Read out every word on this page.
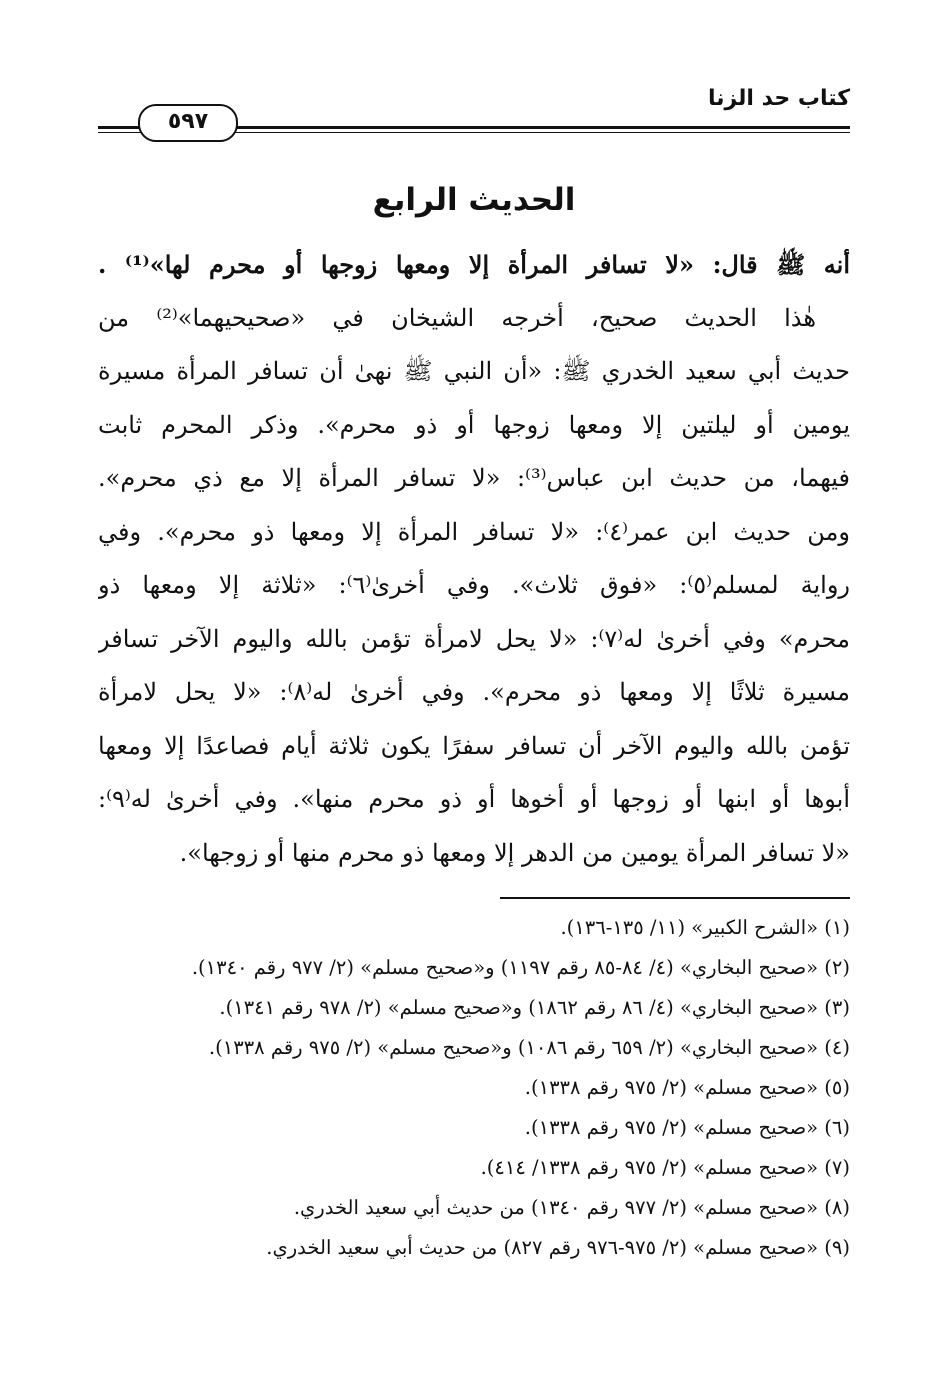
كتاب حد الزنا
٥٩٧
الحديث الرابع
أنه ﷺ قال: «لا تسافر المرأة إلا ومعها زوجها أو محرم لها»⁽¹⁾ .
هٰذا الحديث صحيح، أخرجه الشيخان في «صحيحيهما»⁽²⁾ من
حديث أبي سعيد الخدري ﷺ: «أن النبي ﷺ نهىٰ أن تسافر المرأة مسيرة
يومين أو ليلتين إلا ومعها زوجها أو ذو محرم». وذكر المحرم ثابت
فيهما، من حديث ابن عباس⁽³⁾: «لا تسافر المرأة إلا مع ذي محرم».
ومن حديث ابن عمر⁽٤⁾: «لا تسافر المرأة إلا ومعها ذو محرم». وفي
رواية لمسلم⁽٥⁾: «فوق ثلاث». وفي أخرىٰ⁽٦⁾: «ثلاثة إلا ومعها ذو
محرم» وفي أخرىٰ له⁽٧⁾: «لا يحل لامرأة تؤمن بالله واليوم الآخر تسافر
مسيرة ثلاثًا إلا ومعها ذو محرم». وفي أخرىٰ له⁽٨⁾: «لا يحل لامرأة
تؤمن بالله واليوم الآخر أن تسافر سفرًا يكون ثلاثة أيام فصاعدًا إلا ومعها
أبوها أو ابنها أو زوجها أو أخوها أو ذو محرم منها». وفي أخرىٰ له⁽٩⁾:
«لا تسافر المرأة يومين من الدهر إلا ومعها ذو محرم منها أو زوجها».
(١) «الشرح الكبير» (١١/ ١٣٥-١٣٦).
(٢) «صحيح البخاري» (٤/ ٨٤-٨٥ رقم ١١٩٧) و«صحيح مسلم» (٢/ ٩٧٧ رقم ١٣٤٠).
(٣) «صحيح البخاري» (٤/ ٨٦ رقم ١٨٦٢) و«صحيح مسلم» (٢/ ٩٧٨ رقم ١٣٤١).
(٤) «صحيح البخاري» (٢/ ٦٥٩ رقم ١٠٨٦) و«صحيح مسلم» (٢/ ٩٧٥ رقم ١٣٣٨).
(٥) «صحيح مسلم» (٢/ ٩٧٥ رقم ١٣٣٨).
(٦) «صحيح مسلم» (٢/ ٩٧٥ رقم ١٣٣٨).
(٧) «صحيح مسلم» (٢/ ٩٧٥ رقم ١٣٣٨/ ٤١٤).
(٨) «صحيح مسلم» (٢/ ٩٧٧ رقم ١٣٤٠) من حديث أبي سعيد الخدري.
(٩) «صحيح مسلم» (٢/ ٩٧٥-٩٧٦ رقم ٨٢٧) من حديث أبي سعيد الخدري.
